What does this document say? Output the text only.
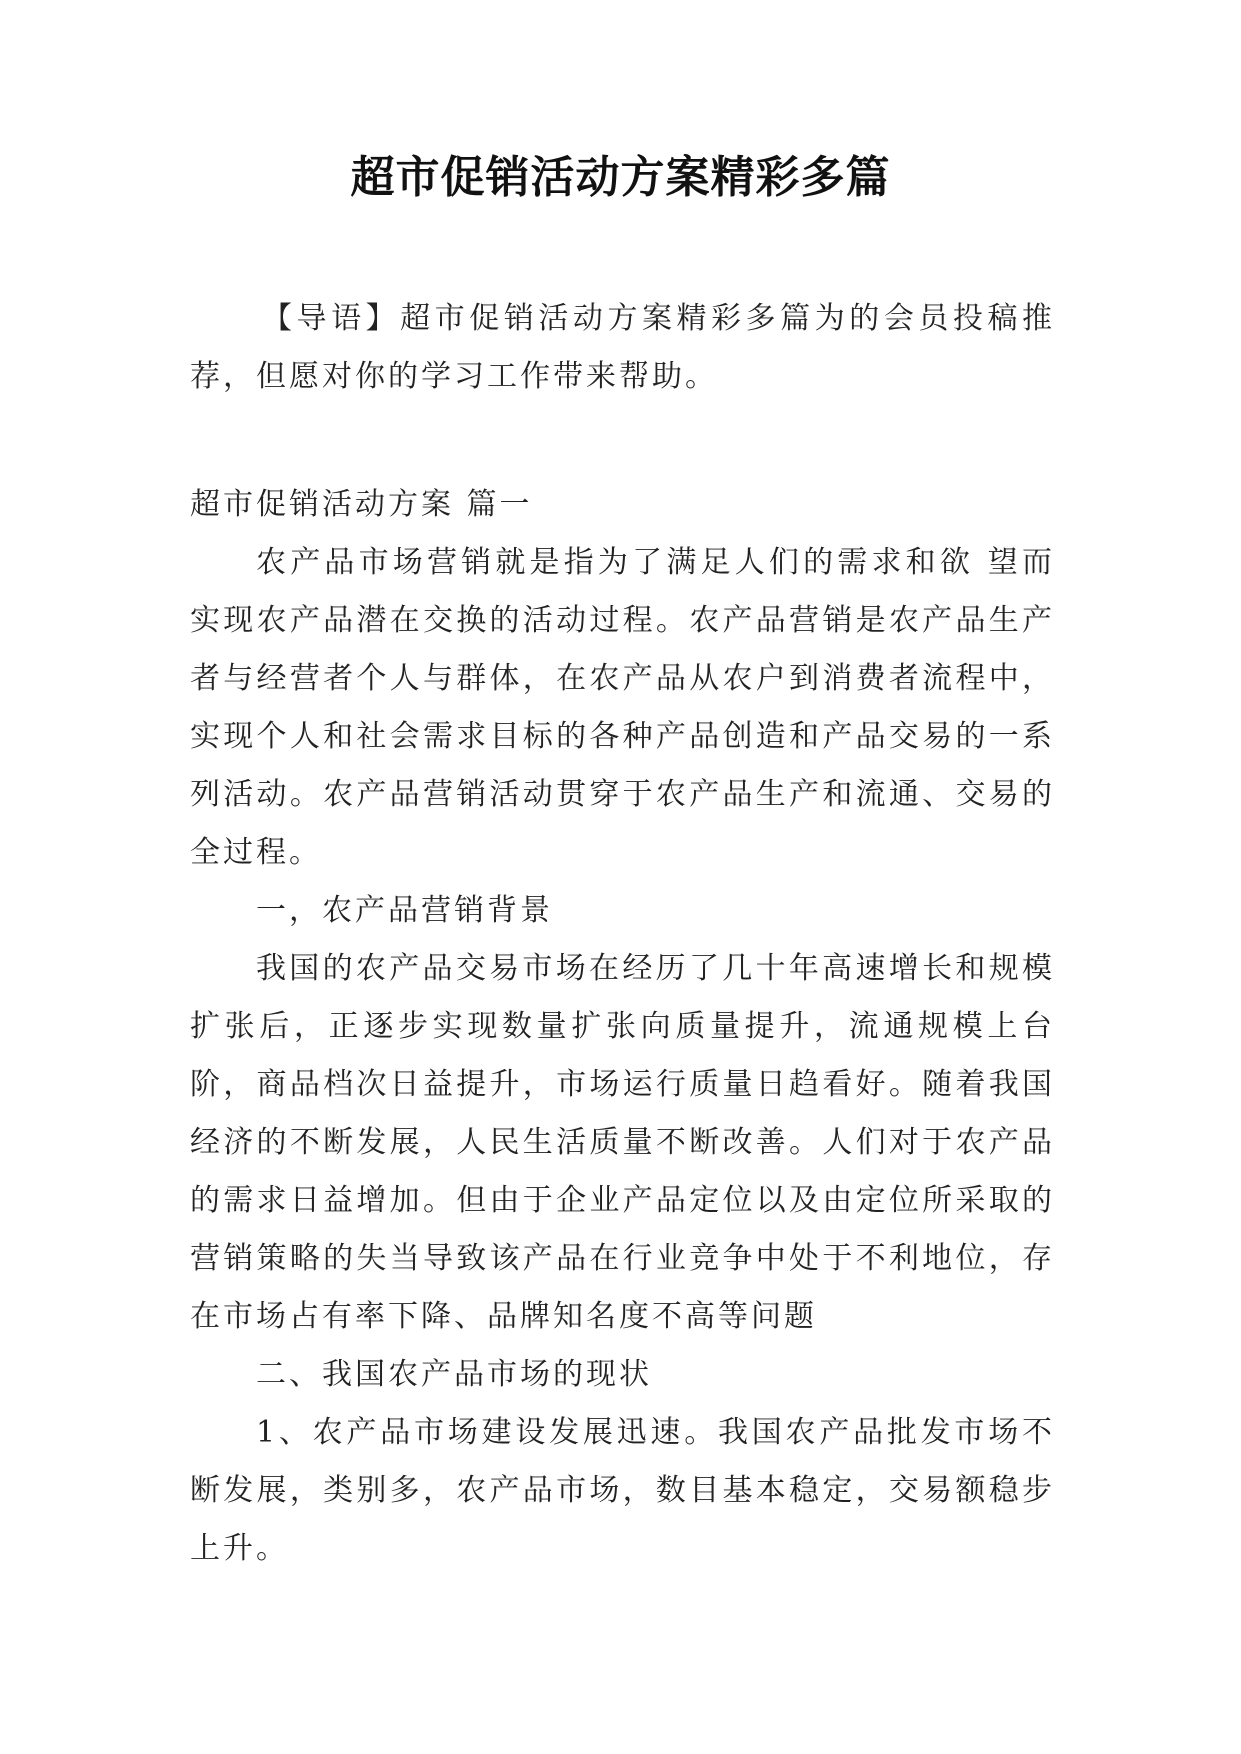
超市促销活动方案精彩多篇

【导语】超市促销活动方案精彩多篇为的会员投稿推荐，但愿对你的学习工作带来帮助。

超市促销活动方案 篇一

农产品市场营销就是指为了满足人们的需求和欲 望而实现农产品潜在交换的活动过程。农产品营销是农产品生产者与经营者个人与群体，在农产品从农户到消费者流程中，实现个人和社会需求目标的各种产品创造和产品交易的一系列活动。农产品营销活动贯穿于农产品生产和流通、交易的全过程。

一，农产品营销背景

我国的农产品交易市场在经历了几十年高速增长和规模扩张后，正逐步实现数量扩张向质量提升，流通规模上台阶，商品档次日益提升，市场运行质量日趋看好。随着我国经济的不断发展，人民生活质量不断改善。人们对于农产品的需求日益增加。但由于企业产品定位以及由定位所采取的营销策略的失当导致该产品在行业竞争中处于不利地位，存在市场占有率下降、品牌知名度不高等问题

二、我国农产品市场的现状

1、农产品市场建设发展迅速。我国农产品批发市场不断发展，类别多，农产品市场，数目基本稳定，交易额稳步上升。
